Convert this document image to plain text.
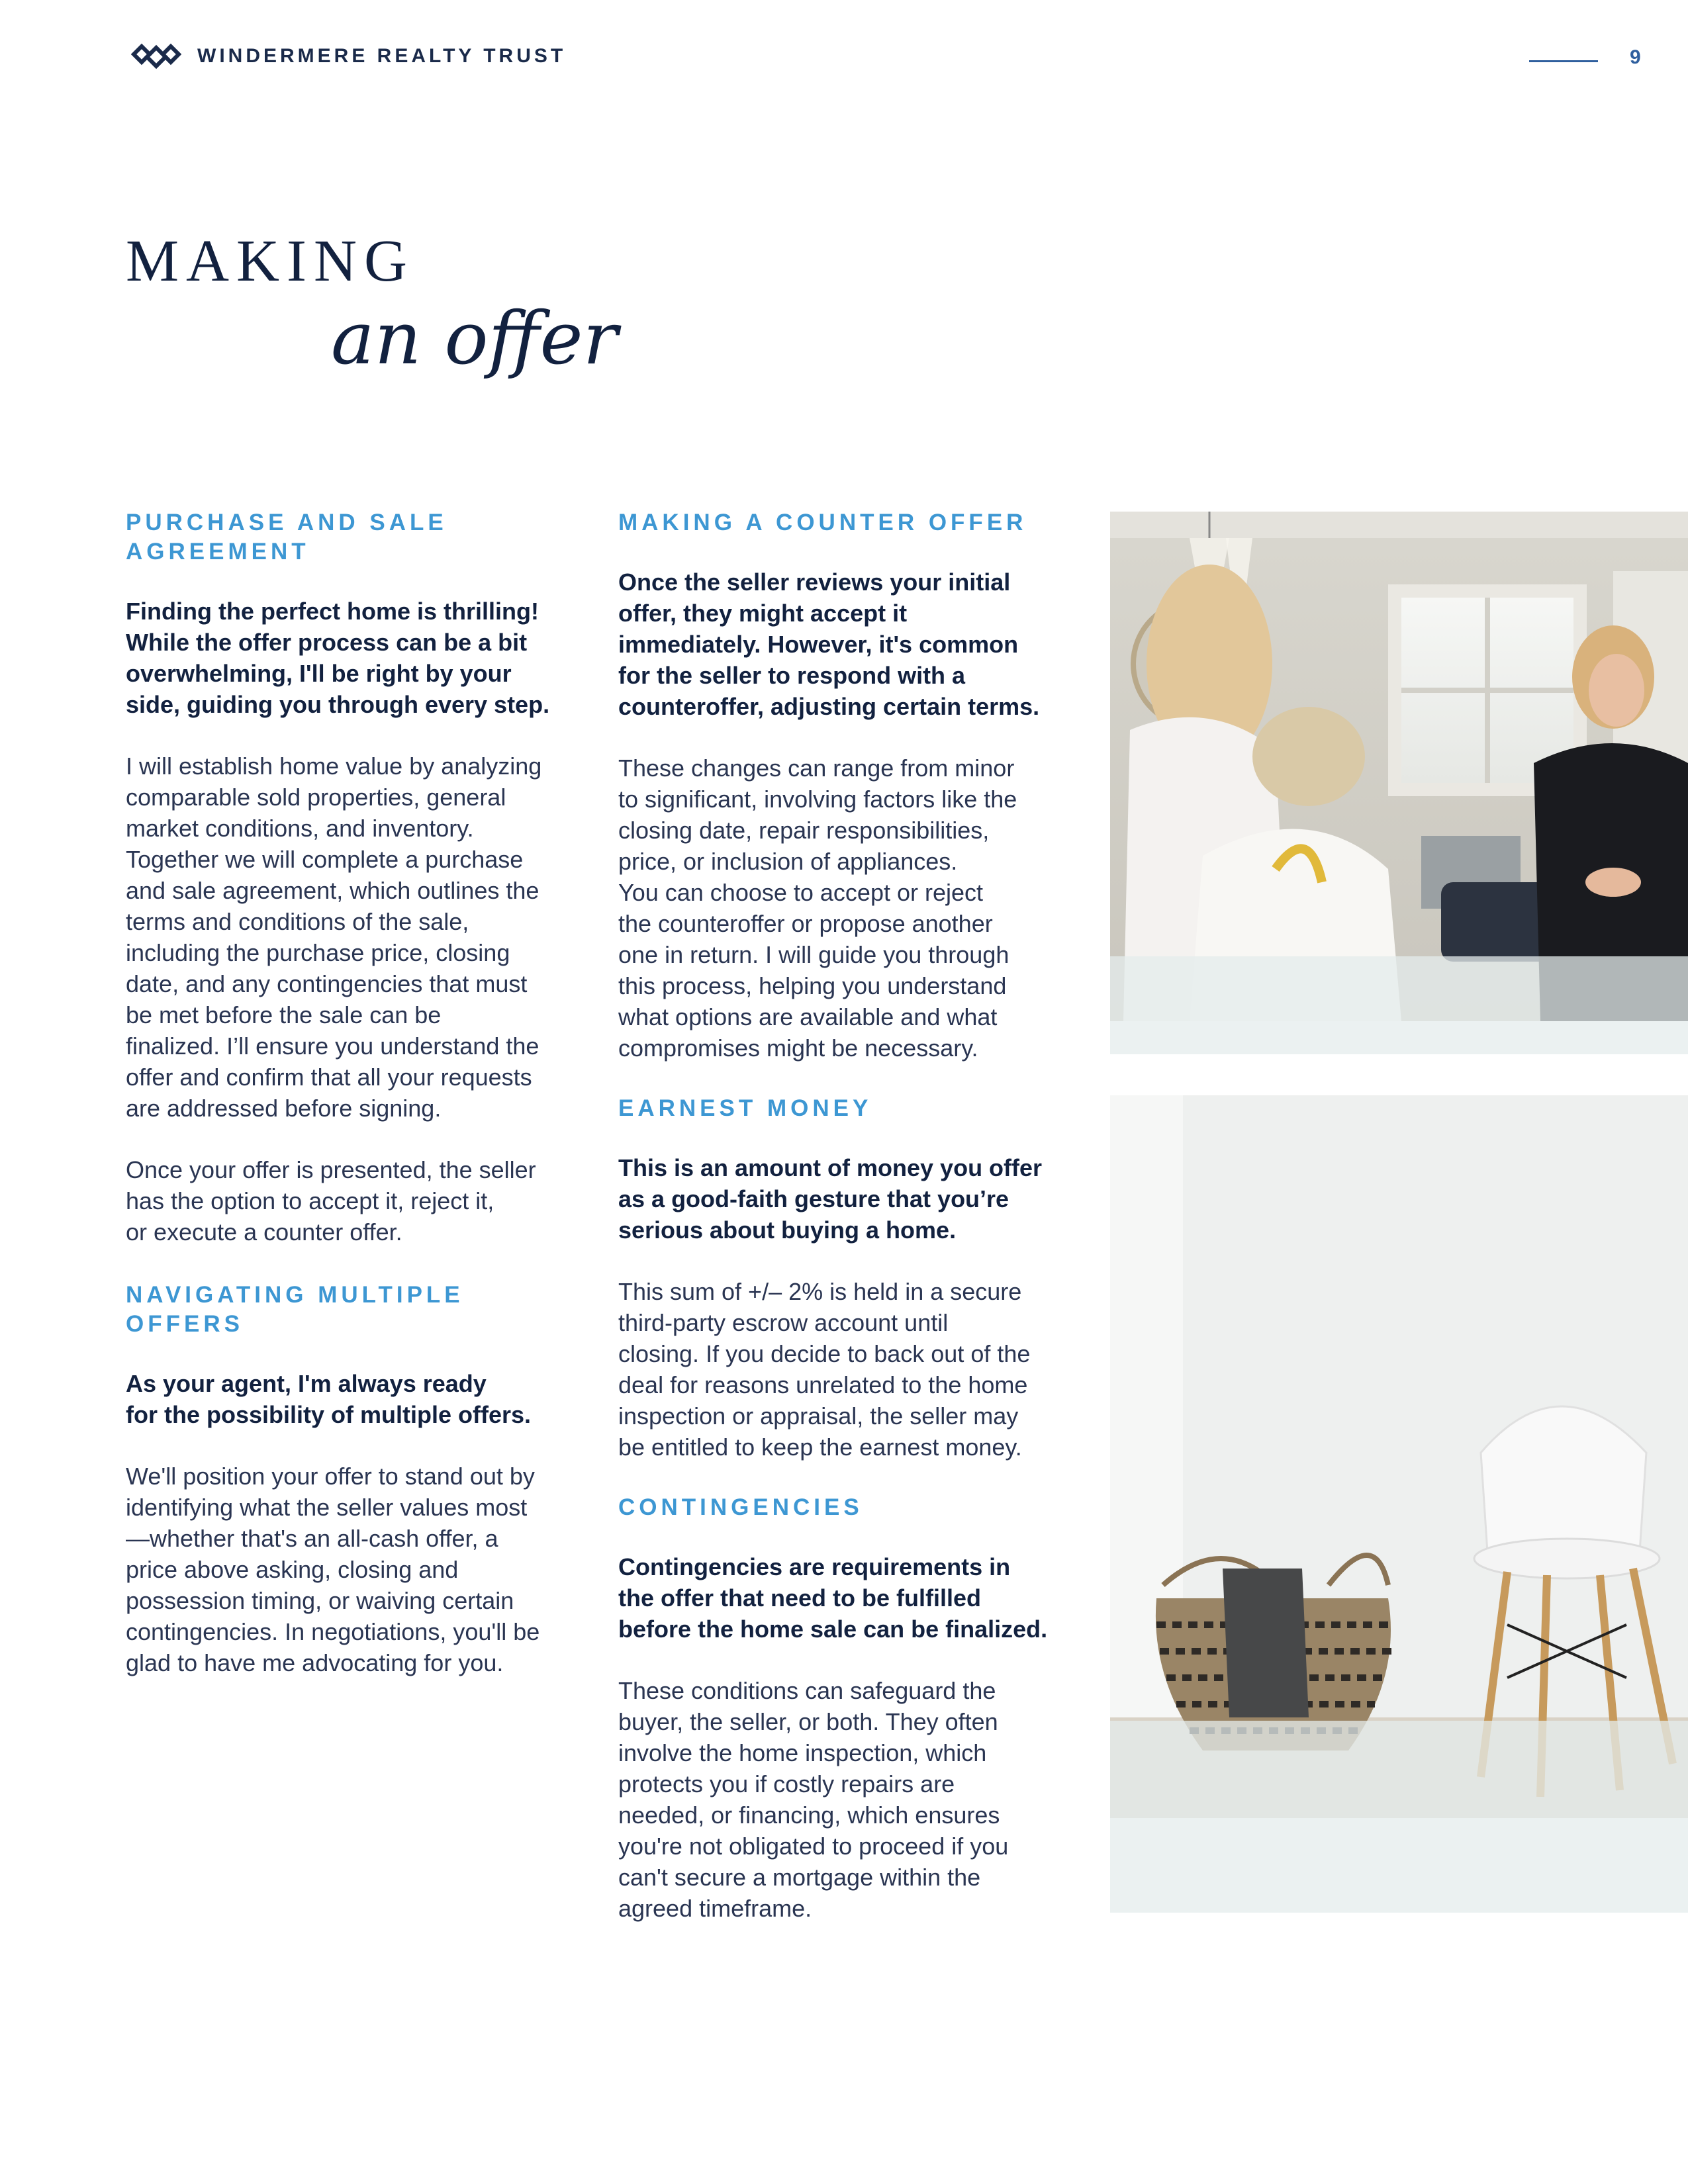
WINDERMERE REALTY TRUST	9
MAKING
an offer
PURCHASE AND SALE
AGREEMENT
Finding the perfect home is thrilling!
While the offer process can be a bit
overwhelming, I'll be right by your
side, guiding you through every step.
I will establish home value by analyzing
comparable sold properties, general
market conditions, and inventory.
Together we will complete a purchase
and sale agreement, which outlines the
terms and conditions of the sale,
including the purchase price, closing
date, and any contingencies that must
be met before the sale can be
finalized. I’ll ensure you understand the
offer and confirm that all your requests
are addressed before signing.
Once your offer is presented, the seller
has the option to accept it, reject it,
or execute a counter offer.
NAVIGATING MULTIPLE
OFFERS
As your agent, I'm always ready
for the possibility of multiple offers.
We'll position your offer to stand out by
identifying what the seller values most
—whether that's an all-cash offer, a
price above asking, closing and
possession timing, or waiving certain
contingencies. In negotiations, you'll be
glad to have me advocating for you.
MAKING A COUNTER OFFER
Once the seller reviews your initial
offer, they might accept it
immediately. However, it's common
for the seller to respond with a
counteroffer, adjusting certain terms.
These changes can range from minor
to significant, involving factors like the
closing date, repair responsibilities,
price, or inclusion of appliances.
You can choose to accept or reject
the counteroffer or propose another
one in return. I will guide you through
this process, helping you understand
what options are available and what
compromises might be necessary.
EARNEST MONEY
This is an amount of money you offer
as a good-faith gesture that you’re
serious about buying a home.
This sum of +/– 2% is held in a secure
third-party escrow account until
closing. If you decide to back out of the
deal for reasons unrelated to the home
inspection or appraisal, the seller may
be entitled to keep the earnest money.
CONTINGENCIES
Contingencies are requirements in
the offer that need to be fulfilled
before the home sale can be finalized.
These conditions can safeguard the
buyer, the seller, or both. They often
involve the home inspection, which
protects you if costly repairs are
needed, or financing, which ensures
you're not obligated to proceed if you
can't secure a mortgage within the
agreed timeframe.
